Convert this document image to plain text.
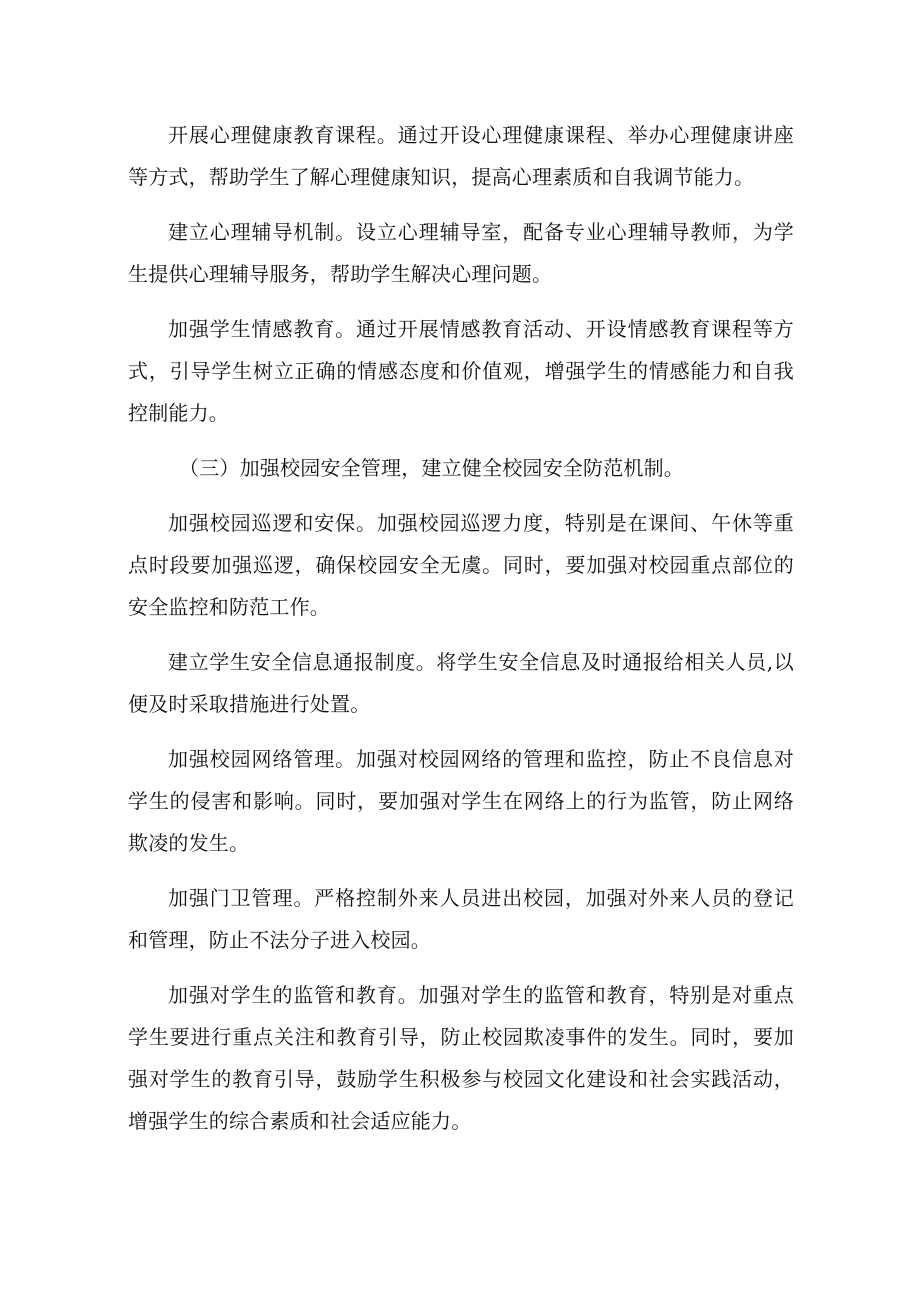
开展心理健康教育课程。通过开设心理健康课程、举办心理健康讲座等方式，帮助学生了解心理健康知识，提高心理素质和自我调节能力。

建立心理辅导机制。设立心理辅导室，配备专业心理辅导教师，为学生提供心理辅导服务，帮助学生解决心理问题。

加强学生情感教育。通过开展情感教育活动、开设情感教育课程等方式，引导学生树立正确的情感态度和价值观，增强学生的情感能力和自我控制能力。

（三）加强校园安全管理，建立健全校园安全防范机制。

加强校园巡逻和安保。加强校园巡逻力度，特别是在课间、午休等重点时段要加强巡逻，确保校园安全无虞。同时，要加强对校园重点部位的安全监控和防范工作。

建立学生安全信息通报制度。将学生安全信息及时通报给相关人员,以便及时采取措施进行处置。

加强校园网络管理。加强对校园网络的管理和监控，防止不良信息对学生的侵害和影响。同时，要加强对学生在网络上的行为监管，防止网络欺凌的发生。

加强门卫管理。严格控制外来人员进出校园，加强对外来人员的登记和管理，防止不法分子进入校园。

加强对学生的监管和教育。加强对学生的监管和教育，特别是对重点学生要进行重点关注和教育引导，防止校园欺凌事件的发生。同时，要加强对学生的教育引导，鼓励学生积极参与校园文化建设和社会实践活动，增强学生的综合素质和社会适应能力。
